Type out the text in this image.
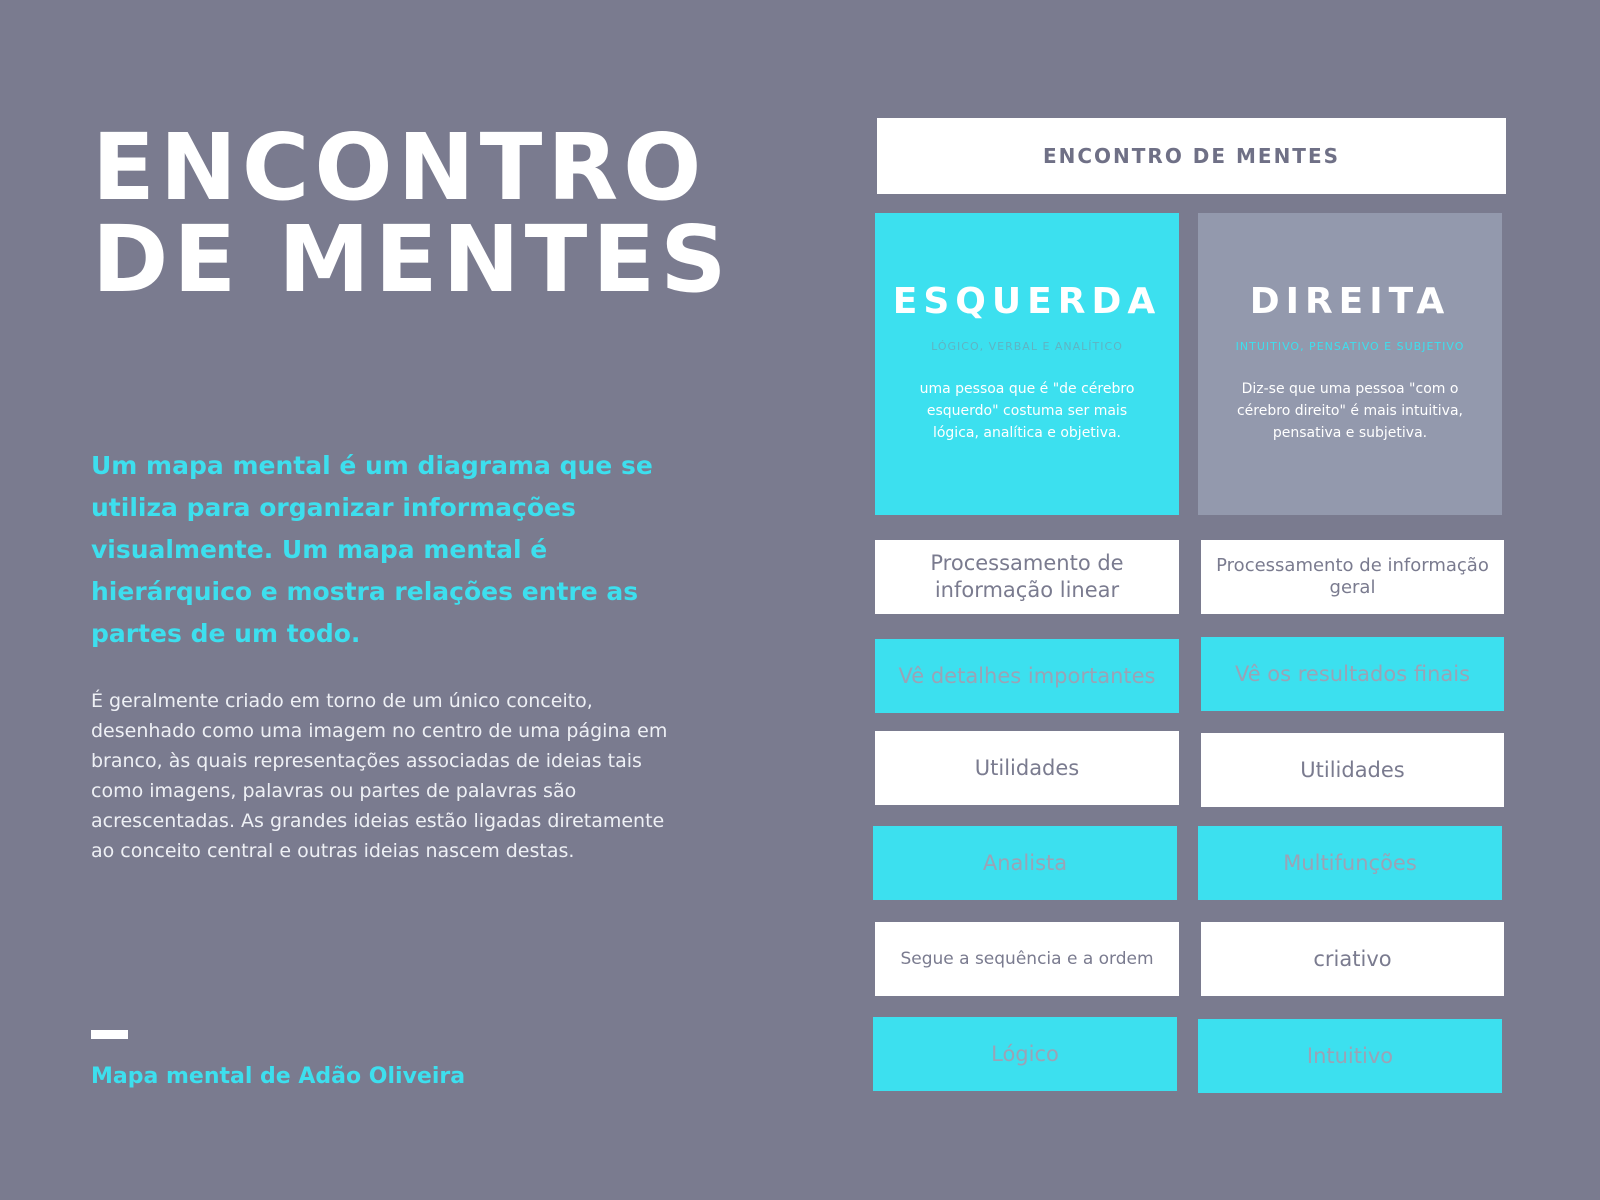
ENCONTRO
DE MENTES
Um mapa mental é um diagrama que se utiliza para organizar informações visualmente. Um mapa mental é hierárquico e mostra relações entre as partes de um todo.
É geralmente criado em torno de um único conceito, desenhado como uma imagem no centro de uma página em branco, às quais representações associadas de ideias tais como imagens, palavras ou partes de palavras são acrescentadas. As grandes ideias estão ligadas diretamente ao conceito central e outras ideias nascem destas.
Mapa mental de Adão Oliveira
ENCONTRO DE MENTES
ESQUERDA
LÓGICO, VERBAL E ANALÍTICO
uma pessoa que é "de cérebro esquerdo" costuma ser mais lógica, analítica e objetiva.
DIREITA
INTUITIVO, PENSATIVO E SUBJETIVO
Diz-se que uma pessoa "com o cérebro direito" é mais intuitiva, pensativa e subjetiva.
Processamento de informação linear
Vê detalhes importantes
Utilidades
Analista
Segue a sequência e a ordem
Lógico
Processamento de informação geral
Vê os resultados finais
Utilidades
Multifunções
criativo
Intuitivo
